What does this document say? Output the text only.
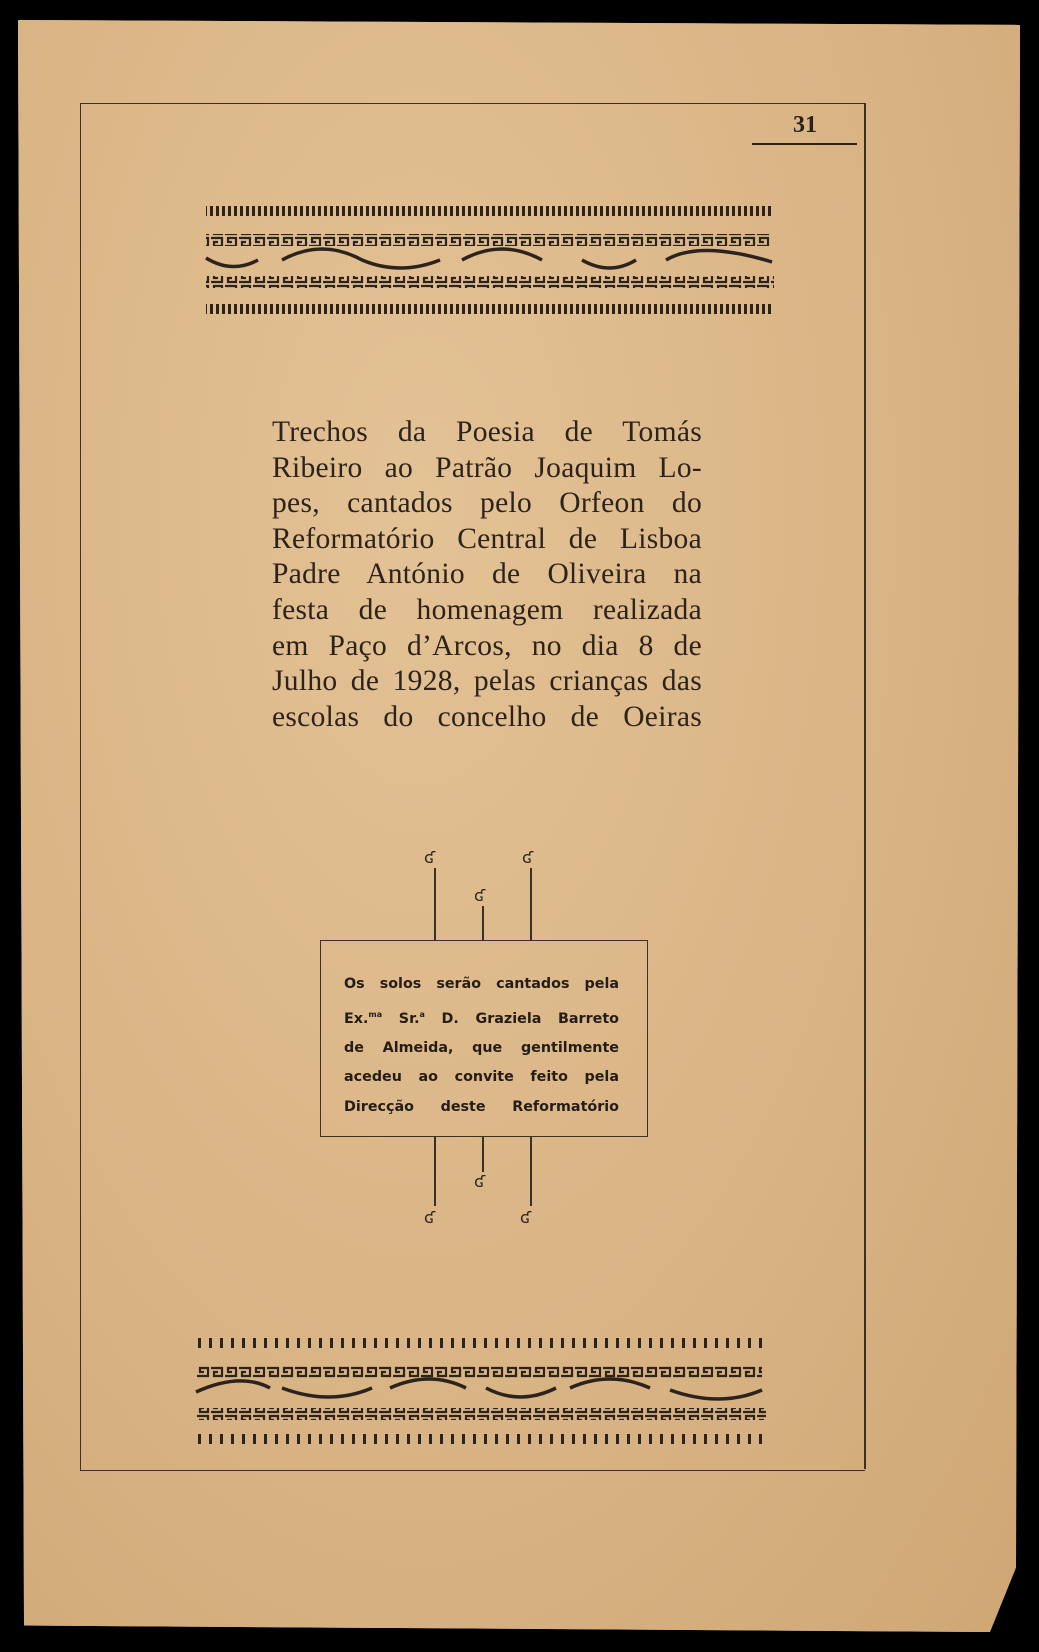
31
Trechos da Poesia de Tomás
Ribeiro ao Patrão Joaquim Lo-
pes, cantados pelo Orfeon do
Reformatório Central de Lisboa
Padre António de Oliveira na
festa de homenagem realizada
em Paço d’Arcos, no dia 8 de
Julho de 1928, pelas crianças das
escolas do concelho de Oeiras
ʛ	ʛ
ʛ
Os solos serão cantados pela
Ex.$^{ma}$ Sr.$^a$ D. Graziela Barreto
de Almeida, que gentilmente
acedeu ao convite feito pela
Direcção deste Reformatório
ʛ
ʛ	ʛ
